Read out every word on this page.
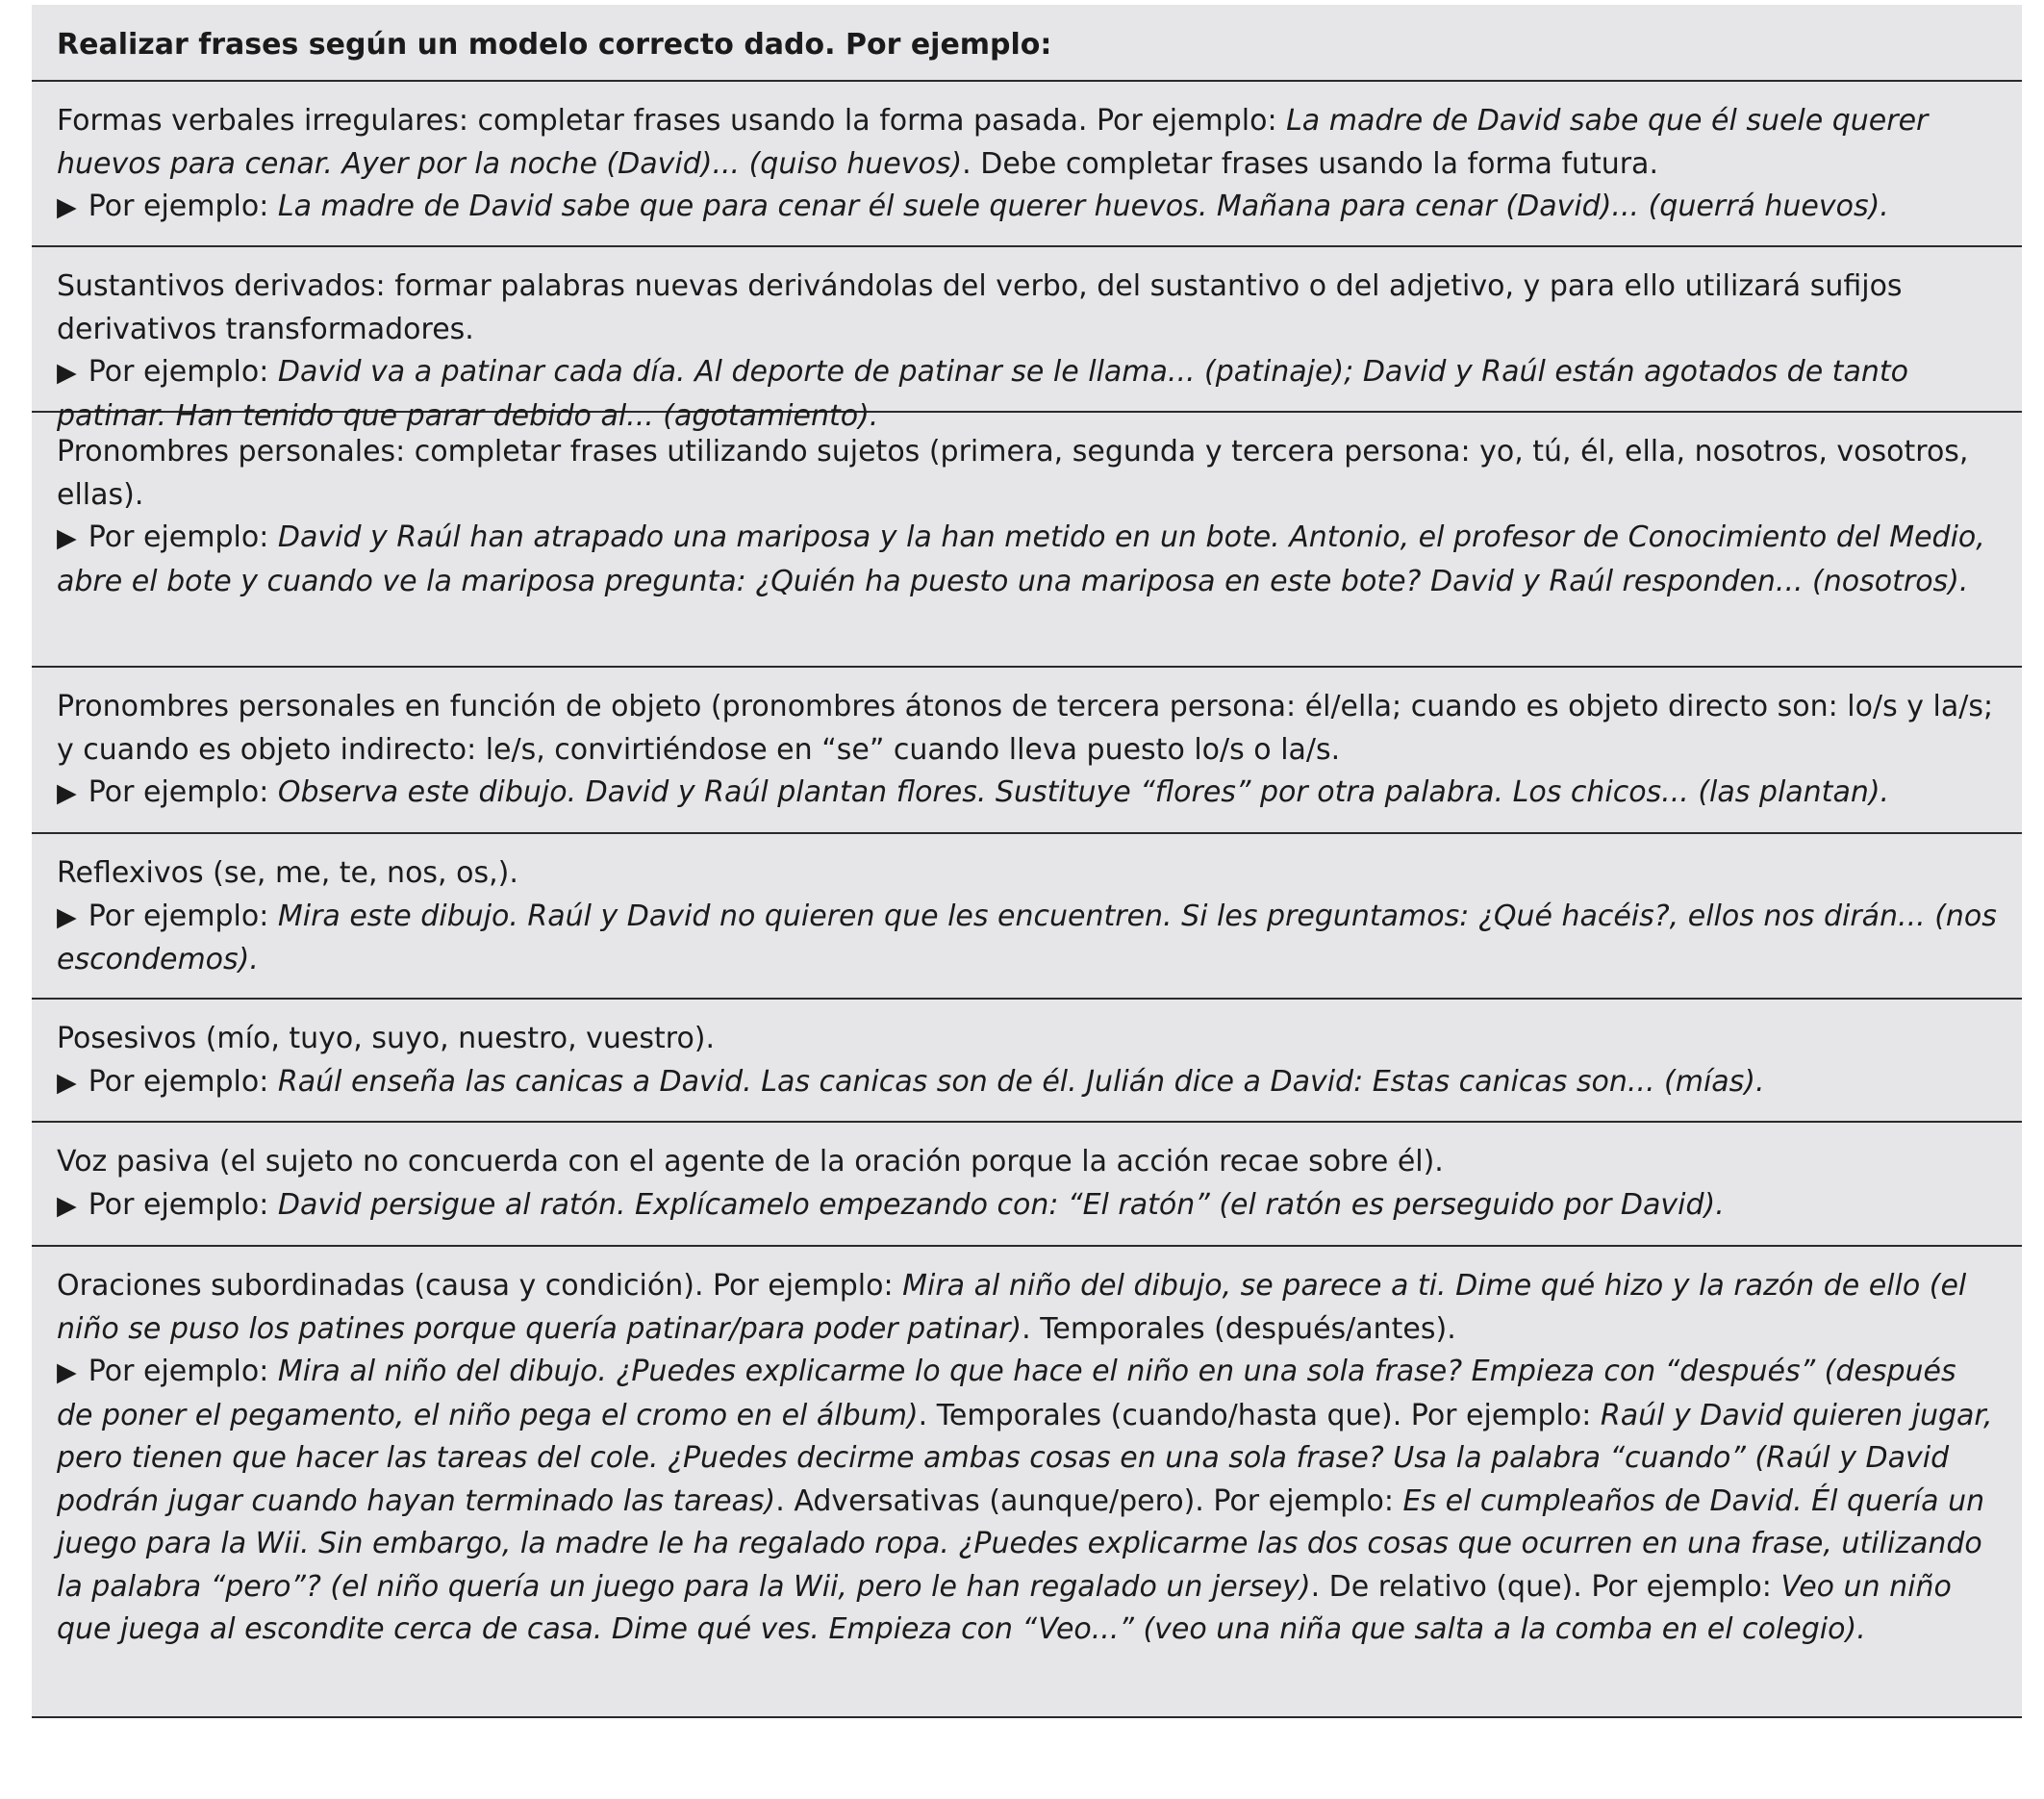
Realizar frases según un modelo correcto dado. Por ejemplo:

Formas verbales irregulares: completar frases usando la forma pasada. Por ejemplo: La madre de David sabe que él suele querer huevos para cenar. Ayer por la noche (David)... (quiso huevos). Debe completar frases usando la forma futura.

▶ Por ejemplo: La madre de David sabe que para cenar él suele querer huevos. Mañana para cenar (David)... (querrá huevos).

Sustantivos derivados: formar palabras nuevas derivándolas del verbo, del sustantivo o del adjetivo, y para ello utilizará sufijos derivativos transformadores.

▶ Por ejemplo: David va a patinar cada día. Al deporte de patinar se le llama... (patinaje); David y Raúl están agotados de tanto patinar. Han tenido que parar debido al... (agotamiento).

Pronombres personales: completar frases utilizando sujetos (primera, segunda y tercera persona: yo, tú, él, ella, nosotros, vosotros, ellas).

▶ Por ejemplo: David y Raúl han atrapado una mariposa y la han metido en un bote. Antonio, el profesor de Conocimiento del Medio, abre el bote y cuando ve la mariposa pregunta: ¿Quién ha puesto una mariposa en este bote? David y Raúl responden... (nosotros).

Pronombres personales en función de objeto (pronombres átonos de tercera persona: él/ella; cuando es objeto directo son: lo/s y la/s; y cuando es objeto indirecto: le/s, convirtiéndose en “se” cuando lleva puesto lo/s o la/s.

▶ Por ejemplo: Observa este dibujo. David y Raúl plantan flores. Sustituye “flores” por otra palabra. Los chicos... (las plantan).

Reflexivos (se, me, te, nos, os,).

▶ Por ejemplo: Mira este dibujo. Raúl y David no quieren que les encuentren. Si les preguntamos: ¿Qué hacéis?, ellos nos dirán... (nos escondemos).

Posesivos (mío, tuyo, suyo, nuestro, vuestro).

▶ Por ejemplo: Raúl enseña las canicas a David. Las canicas son de él. Julián dice a David: Estas canicas son... (mías).

Voz pasiva (el sujeto no concuerda con el agente de la oración porque la acción recae sobre él).

▶ Por ejemplo: David persigue al ratón. Explícamelo empezando con: “El ratón” (el ratón es perseguido por David).

Oraciones subordinadas (causa y condición). Por ejemplo: Mira al niño del dibujo, se parece a ti. Dime qué hizo y la razón de ello (el niño se puso los patines porque quería patinar/para poder patinar). Temporales (después/antes).

▶ Por ejemplo: Mira al niño del dibujo. ¿Puedes explicarme lo que hace el niño en una sola frase? Empieza con “después” (después de poner el pegamento, el niño pega el cromo en el álbum). Temporales (cuando/hasta que). Por ejemplo: Raúl y David quieren jugar, pero tienen que hacer las tareas del cole. ¿Puedes decirme ambas cosas en una sola frase? Usa la palabra “cuando” (Raúl y David podrán jugar cuando hayan terminado las tareas). Adversativas (aunque/pero). Por ejemplo: Es el cumpleaños de David. Él quería un juego para la Wii. Sin embargo, la madre le ha regalado ropa. ¿Puedes explicarme las dos cosas que ocurren en una frase, utilizando la palabra “pero”? (el niño quería un juego para la Wii, pero le han regalado un jersey). De relativo (que). Por ejemplo: Veo un niño que juega al escondite cerca de casa. Dime qué ves. Empieza con “Veo...” (veo una niña que salta a la comba en el colegio).
